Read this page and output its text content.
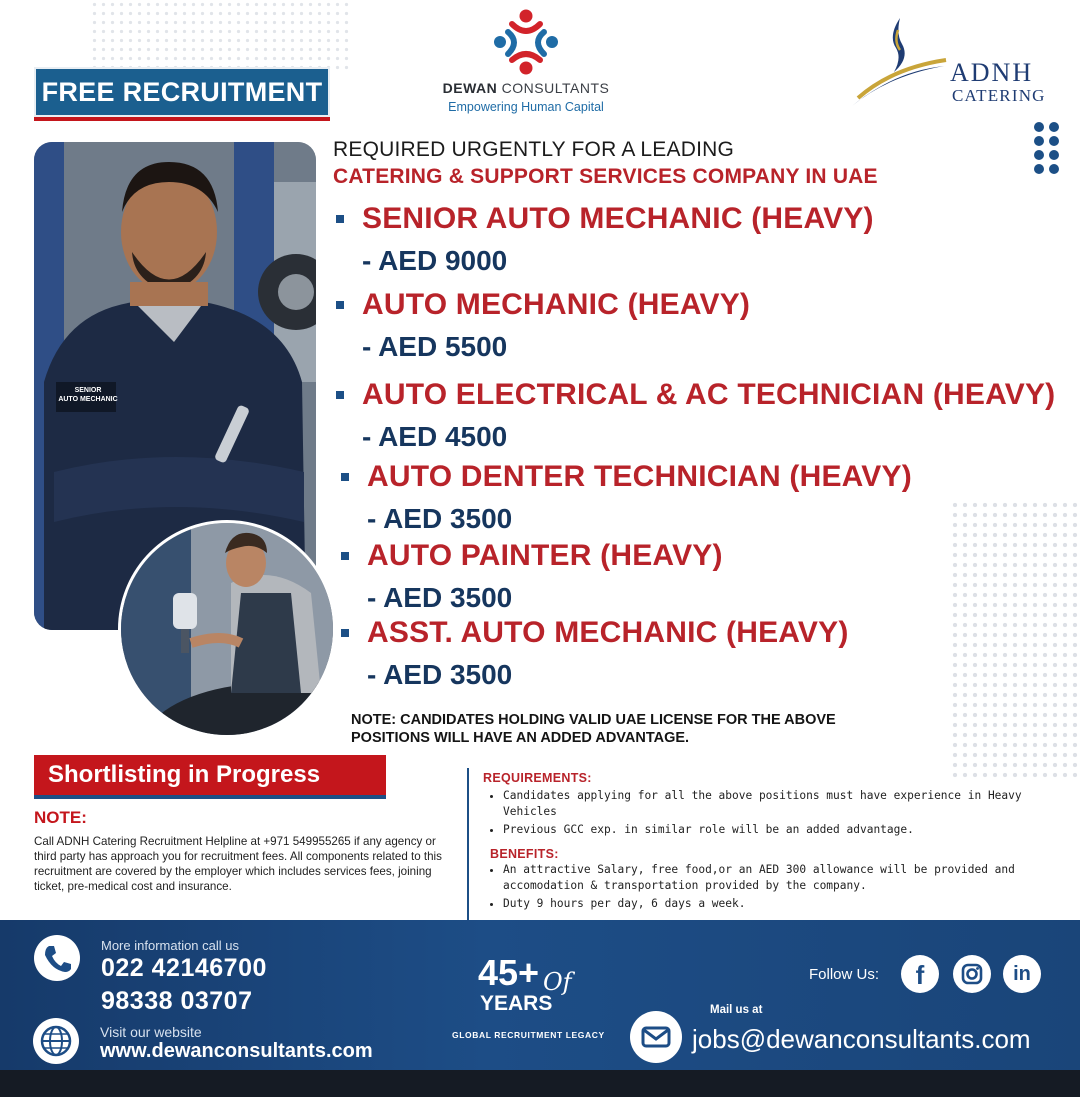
FREE RECRUITMENT	DEWAN CONSULTANTS
Empowering Human Capital
ADNH
CATERING
SENIOR
AUTO MECHANIC
REQUIRED URGENTLY FOR A LEADING
CATERING & SUPPORT SERVICES COMPANY IN UAE
SENIOR AUTO MECHANIC (HEAVY)
- AED 9000
AUTO MECHANIC (HEAVY)
- AED 5500
AUTO ELECTRICAL & AC TECHNICIAN (HEAVY)
- AED 4500
AUTO DENTER TECHNICIAN (HEAVY)
- AED 3500
AUTO PAINTER (HEAVY)
- AED 3500
ASST. AUTO MECHANIC (HEAVY)
- AED 3500
NOTE: CANDIDATES HOLDING VALID UAE LICENSE FOR THE ABOVE POSITIONS WILL HAVE AN ADDED ADVANTAGE.
Shortlisting in Progress
NOTE:
Call ADNH Catering Recruitment Helpline at +971 549955265 if any agency or third party has approach you for recruitment fees. All components related to this recruitment are covered by the employer which includes services fees, joining ticket, pre-medical cost and insurance.
REQUIREMENTS:
• Candidates applying for all the above positions must have experience in Heavy Vehicles
• Previous GCC exp. in similar role will be an added advantage.
BENEFITS:
• An attractive Salary, free food,or an AED 300 allowance will be provided and accomodation & transportation provided by the company.
• Duty 9 hours per day, 6 days a week.
More information call us
022 42146700
98338 03707
Visit our website
www.dewanconsultants.com
45+ Of
YEARS
GLOBAL RECRUITMENT LEGACY
Follow Us:	f	in
Mail us at
jobs@dewanconsultants.com
